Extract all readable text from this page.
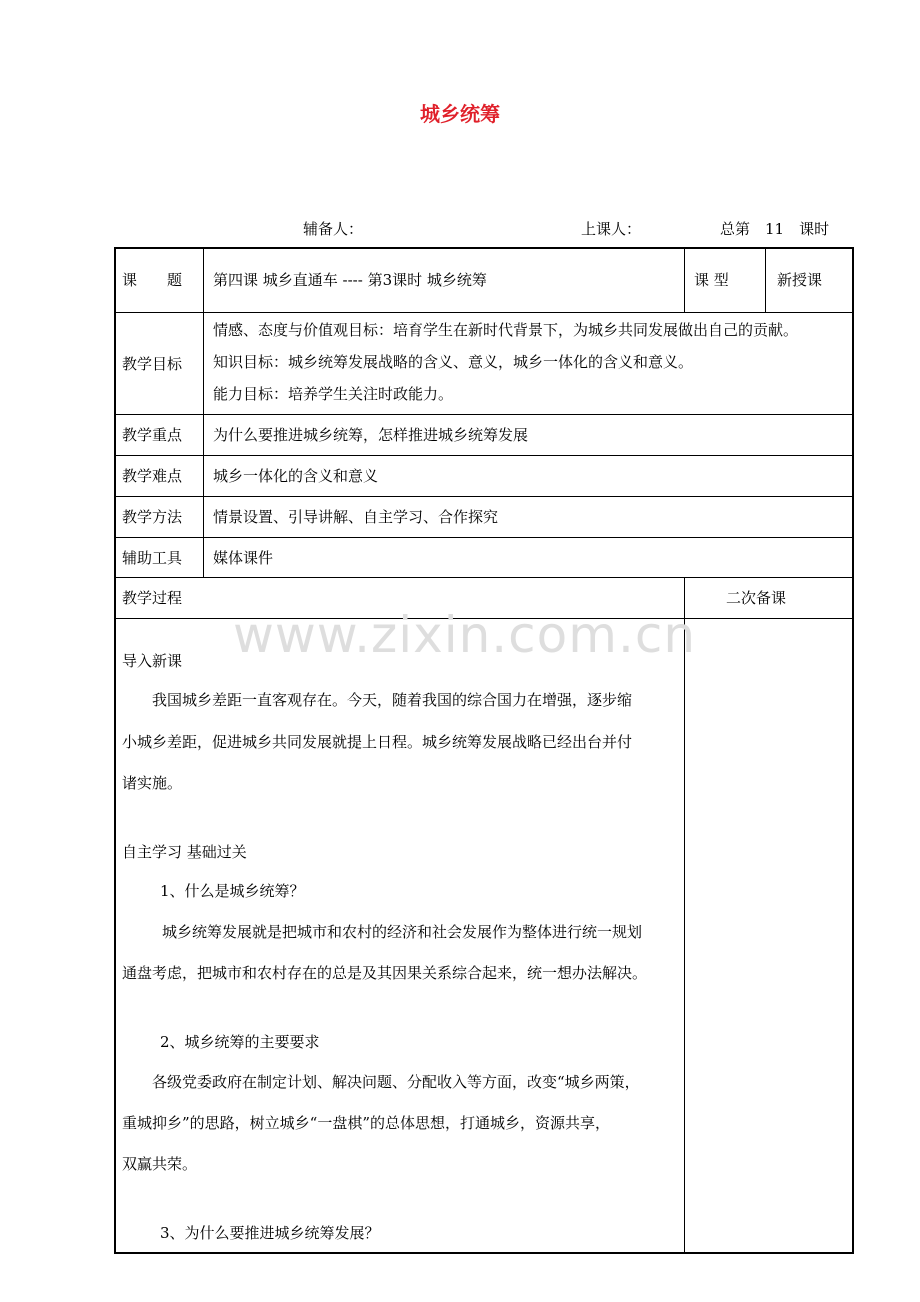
城乡统筹
辅备人：	上课人：	总第　11　课时
课　　题 第四课 城乡直通车 ---- 第3课时 城乡统筹	课 型	新授课
教学目标
情感、态度与价值观目标：培育学生在新时代背景下，为城乡共同发展做出自己的贡献。
知识目标：城乡统筹发展战略的含义、意义，城乡一体化的含义和意义。
能力目标：培养学生关注时政能力。
教学重点 为什么要推进城乡统筹，怎样推进城乡统筹发展
教学难点 城乡一体化的含义和意义
教学方法 情景设置、引导讲解、自主学习、合作探究
辅助工具 媒体课件
教学过程	二次备课
www.zixin.com.cn
导入新课
我国城乡差距一直客观存在。今天，随着我国的综合国力在增强，逐步缩
小城乡差距，促进城乡共同发展就提上日程。城乡统筹发展战略已经出台并付
诸实施。
自主学习 基础过关
1、什么是城乡统筹？
城乡统筹发展就是把城市和农村的经济和社会发展作为整体进行统一规划
通盘考虑，把城市和农村存在的总是及其因果关系综合起来，统一想办法解决。
2、城乡统筹的主要要求
各级党委政府在制定计划、解决问题、分配收入等方面，改变“城乡两策，
重城抑乡”的思路，树立城乡“一盘棋”的总体思想，打通城乡，资源共享，
双赢共荣。
3、为什么要推进城乡统筹发展？
